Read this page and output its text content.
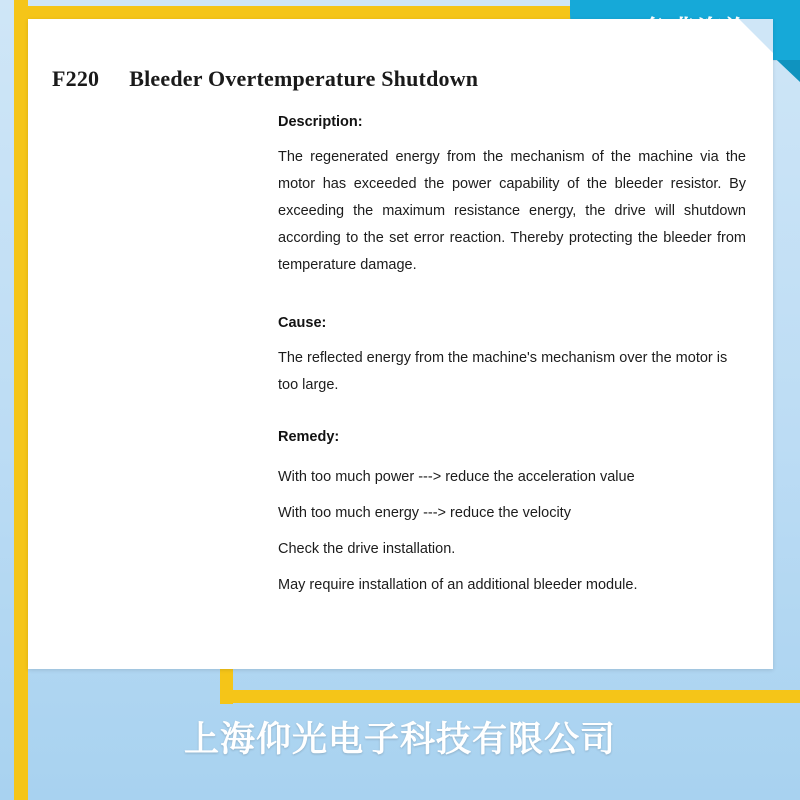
F220 Bleeder Overtemperature Shutdown

Description:

The regenerated energy from the mechanism of the machine via the motor has exceeded the power capability of the bleeder resistor. By exceeding the maximum resistance energy, the drive will shutdown according to the set error reaction. Thereby protecting the bleeder from temperature damage.

Cause:

The reflected energy from the machine's mechanism over the motor is too large.

Remedy:

With too much power ---> reduce the acceleration value

With too much energy ---> reduce the velocity

Check the drive installation.

May require installation of an additional bleeder module.

上海仰光电子科技有限公司
